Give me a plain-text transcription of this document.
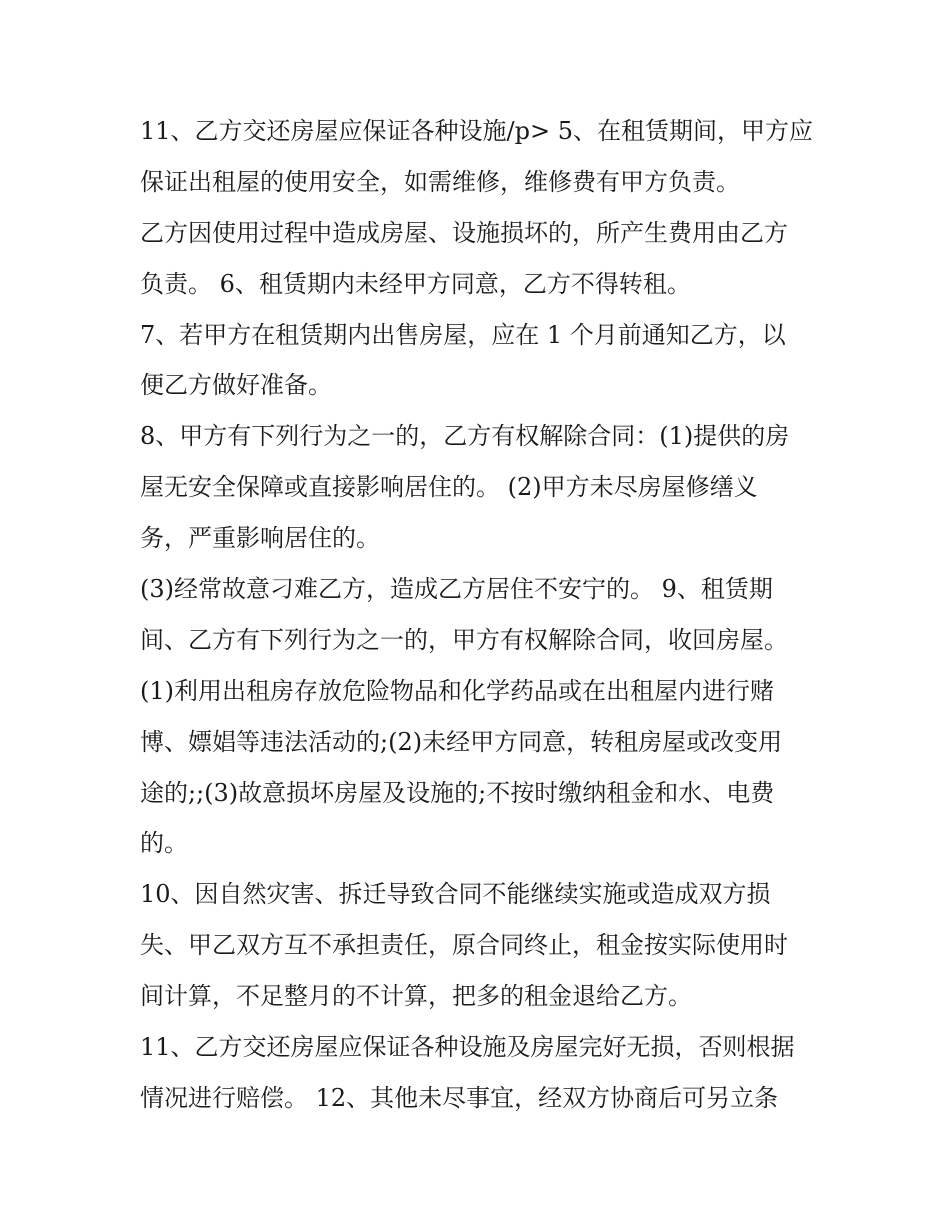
11、乙方交还房屋应保证各种设施/p> 5、在租赁期间，甲方应
保证出租屋的使用安全，如需维修，维修费有甲方负责。
乙方因使用过程中造成房屋、设施损坏的，所产生费用由乙方
负责。 6、租赁期内未经甲方同意，乙方不得转租。
7、若甲方在租赁期内出售房屋，应在 1 个月前通知乙方，以
便乙方做好准备。
8、甲方有下列行为之一的，乙方有权解除合同：(1)提供的房
屋无安全保障或直接影响居住的。 (2)甲方未尽房屋修缮义
务，严重影响居住的。
(3)经常故意刁难乙方，造成乙方居住不安宁的。 9、租赁期
间、乙方有下列行为之一的，甲方有权解除合同，收回房屋。
(1)利用出租房存放危险物品和化学药品或在出租屋内进行赌
博、嫖娼等违法活动的;(2)未经甲方同意，转租房屋或改变用
途的;;(3)故意损坏房屋及设施的;不按时缴纳租金和水、电费
的。
10、因自然灾害、拆迁导致合同不能继续实施或造成双方损
失、甲乙双方互不承担责任，原合同终止，租金按实际使用时
间计算，不足整月的不计算，把多的租金退给乙方。
11、乙方交还房屋应保证各种设施及房屋完好无损，否则根据
情况进行赔偿。 12、其他未尽事宜，经双方协商后可另立条
